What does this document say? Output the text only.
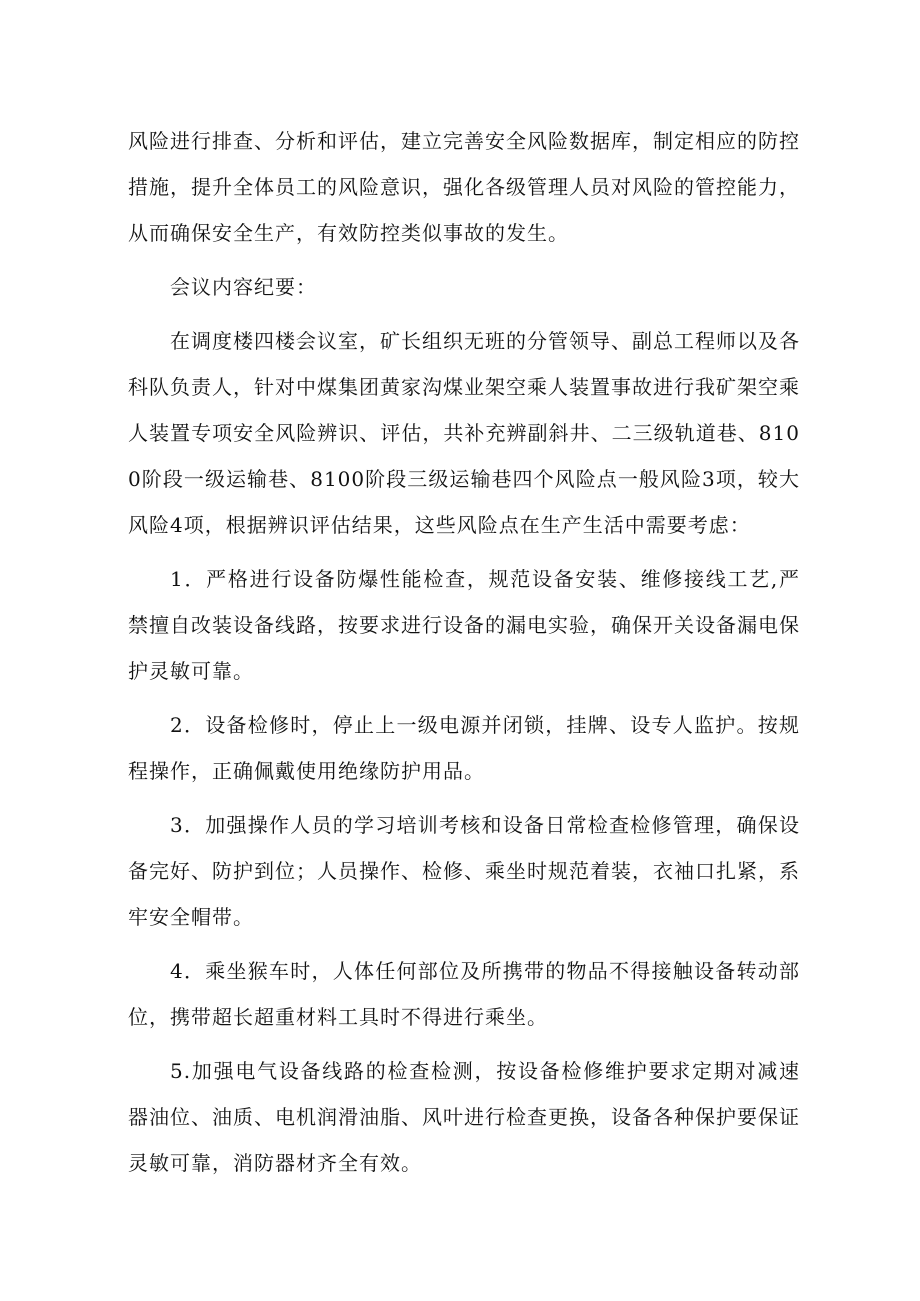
风险进行排查、分析和评估，建立完善安全风险数据库，制定相应的防控措施，提升全体员工的风险意识，强化各级管理人员对风险的管控能力，从而确保安全生产，有效防控类似事故的发生。

会议内容纪要：

在调度楼四楼会议室，矿长组织无班的分管领导、副总工程师以及各科队负责人，针对中煤集团黄家沟煤业架空乘人装置事故进行我矿架空乘人装置专项安全风险辨识、评估，共补充辨副斜井、二三级轨道巷、8100阶段一级运输巷、8100阶段三级运输巷四个风险点一般风险3项，较大风险4项，根据辨识评估结果，这些风险点在生产生活中需要考虑：

1．严格进行设备防爆性能检查，规范设备安装、维修接线工艺,严禁擅自改装设备线路，按要求进行设备的漏电实验，确保开关设备漏电保护灵敏可靠。

2．设备检修时，停止上一级电源并闭锁，挂牌、设专人监护。按规程操作，正确佩戴使用绝缘防护用品。

3．加强操作人员的学习培训考核和设备日常检查检修管理，确保设备完好、防护到位；人员操作、检修、乘坐时规范着装，衣袖口扎紧，系牢安全帽带。

4．乘坐猴车时，人体任何部位及所携带的物品不得接触设备转动部位，携带超长超重材料工具时不得进行乘坐。

5.加强电气设备线路的检查检测，按设备检修维护要求定期对减速器油位、油质、电机润滑油脂、风叶进行检查更换，设备各种保护要保证灵敏可靠，消防器材齐全有效。
